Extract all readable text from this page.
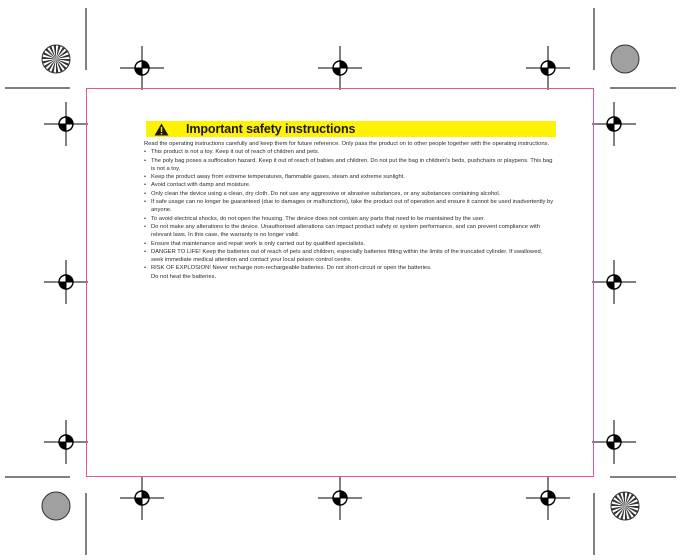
Important safety instructions

Read the operating instructions carefully and keep them for future reference. Only pass the product on to other people together with the operating instructions.

• This product is not a toy. Keep it out of reach of children and pets.
• The poly bag poses a suffocation hazard. Keep it out of reach of babies and children. Do not put the bag in children's beds, pushchairs or playpens. This bag is not a toy.
• Keep the product away from extreme temperatures, flammable gases, steam and extreme sunlight.
• Avoid contact with damp and moisture.
• Only clean the device using a clean, dry cloth. Do not use any aggressive or abrasive substances, or any substances containing alcohol.
• If safe usage can no longer be guaranteed (due to damages or malfunctions), take the product out of operation and ensure it cannot be used inadvertently by anyone.
• To avoid electrical shocks, do not open the housing. The device does not contain any parts that need to be maintained by the user.
• Do not make any alterations to the device. Unauthorised alterations can impact product safety or system performance, and can prevent compliance with relevant laws. In this case, the warranty is no longer valid.
• Ensure that maintenance and repair work is only carried out by qualified specialists.
• DANGER TO LIFE! Keep the batteries out of reach of pets and children, especially batteries fitting within the limits of the truncated cylinder. If swallowed, seek immediate medical attention and contact your local poison control centre.
• RISK OF EXPLOSION! Never recharge non-rechargeable batteries. Do not short-circuit or open the batteries.
Do not heat the batteries.
